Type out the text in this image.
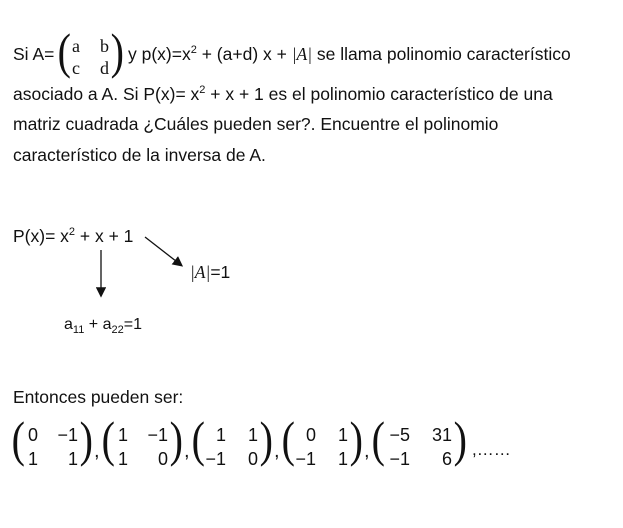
Si A= ( a b
c d ) y $p(x)=x^2 + (a+d) x + |A|$ se llama polinomio característico
asociado a A. Si $P(x)= x^2 + x + 1$ es el polinomio característico de una
matriz cuadrada ¿Cuáles pueden ser?. Encuentre el polinomio
característico de la inversa de A.
$P(x)= x^2 + x + 1$
|A|=1
$a_{11} + a_{22}=1$
Entonces pueden ser:
( 0	−1
1	1 ) , ( 1	−1
1	0 ) , ( 1	1
−1	0 ) , ( 0	1
−1	1 ) , ( −5	31
−1	6 ) ,……
